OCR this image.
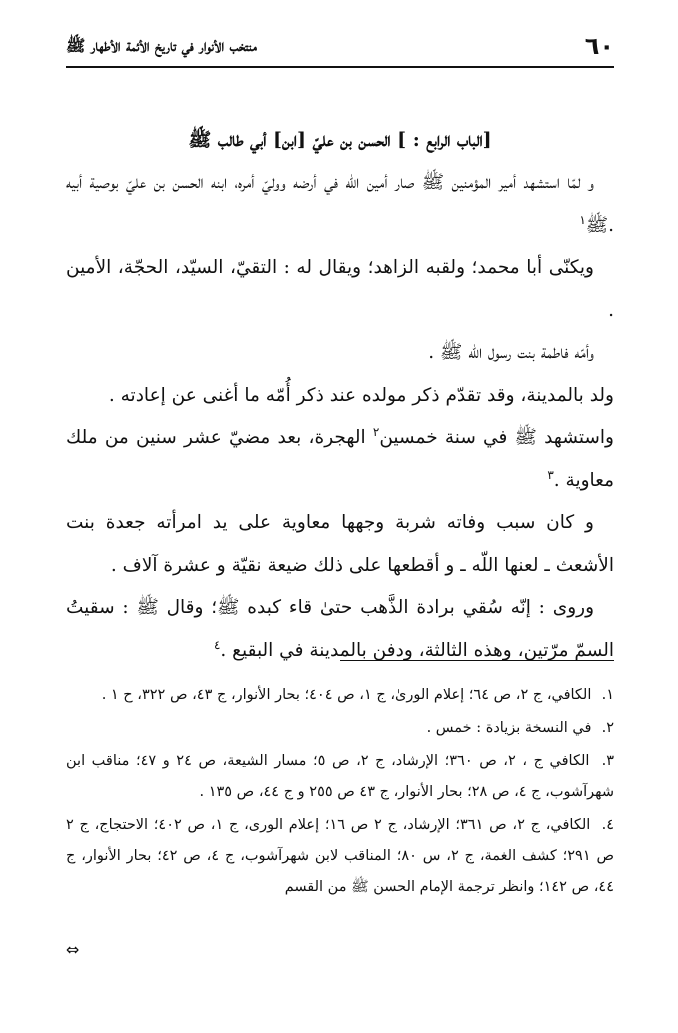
٦٠
منتخب الأنوار في تاريخ الأئمة الأطهار ﷺ

[الباب الرابع : ] الحسن بن عليّ [ابن] أبي طالب ﷺ

و لمّا استشهد أمير المؤمنين ﷺ صار أمين الله في أرضه ووليّ أمره، ابنه الحسن بن عليّ بوصية أبيه .ﷺ$^١$

ويكنّى أبا محمد؛ ولقبه الزاهد؛ ويقال له : التقيّ، السيّد، الحجّة، الأمين .

وأمّه فاطمة بنت رسول الله ﷺ .

ولد بالمدينة، وقد تقدّم ذكر مولده عند ذكر أُمّه ما أغنى عن إعادته .

واستشهد ﷺ في سنة خمسين$^٢$ الهجرة، بعد مضيّ عشر سنين من ملك معاوية .$^٣$

و كان سبب وفاته شربة وجهها معاوية على يد امرأته جعدة بنت الأشعث ـ لعنها اللّه ـ و أقطعها على ذلك ضيعة نقيّة و عشرة آلاف .

وروى : إنّه سُقي برادة الذَّهب حتىٰ قاء كبده ﷺ؛ وقال ﷺ : سقيتُ السمّ مرّتين، وهذه الثالثة، ودفن بالمدينة في البقيع .$^٤$

١. الكافي، ج ٢، ص ٦٤؛ إعلام الورىٰ، ج ١، ص ٤٠٤؛ بحار الأنوار، ج ٤٣، ص ٣٢٢، ح ١ .

٢. في النسخة بزيادة : خمس .

٣. الكافي ج ، ٢، ص ٣٦٠؛ الإرشاد، ج ٢، ص ٥؛ مسار الشيعة، ص ٢٤ و ٤٧؛ مناقب ابن شهرآشوب، ج ٤، ص ٢٨؛ بحار الأنوار، ج ٤٣ ص ٢٥٥ و ج ٤٤، ص ١٣٥ .

٤. الكافي، ج ٢، ص ٣٦١؛ الإرشاد، ج ٢ ص ١٦؛ إعلام الورى، ج ١، ص ٤٠٢؛ الاحتجاج، ج ٢ ص ٢٩١؛ كشف الغمة، ج ٢، س ٨٠؛ المناقب لابن شهرآشوب، ج ٤، ص ٤٢؛ بحار الأنوار، ج ٤٤، ص ١٤٢؛ وانظر ترجمة الإمام الحسن ﷺ من القسم

⇔
